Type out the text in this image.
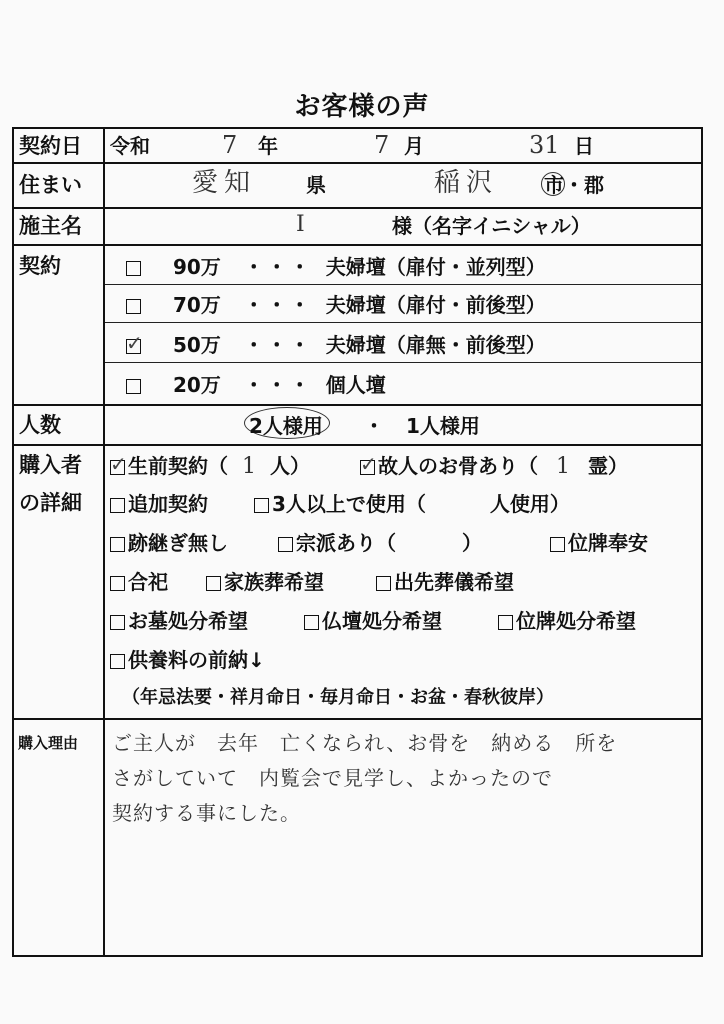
お客様の声
契約日 令和	7 年	7 月	31 日
住まい	愛知 県	稲沢 市・郡
施主名	I	様（名字イニシャル）
契約	90万 ・・・ 夫婦壇（扉付・並列型）
70万 ・・・ 夫婦壇（扉付・前後型）
✓ 50万 ・・・ 夫婦壇（扉無・前後型）
20万 ・・・ 個人壇
人数	2人様用 ・ 1人様用
購入者
の詳細
✓ 生前契約（ 1 人）	✓ 故人のお骨あり（ 1 霊）
追加契約	3人以上で使用（	人使用）
跡継ぎ無し	宗派あり（	）	位牌奉安
合祀	家族葬希望	出先葬儀希望
お墓処分希望	仏壇処分希望	位牌処分希望
供養料の前納↓
（年忌法要・祥月命日・毎月命日・お盆・春秋彼岸）
購入理由 ご主人が　去年　亡くなられ、お骨を　納める　所を
さがしていて　内覧会で見学し、よかったので
契約する事にした。
